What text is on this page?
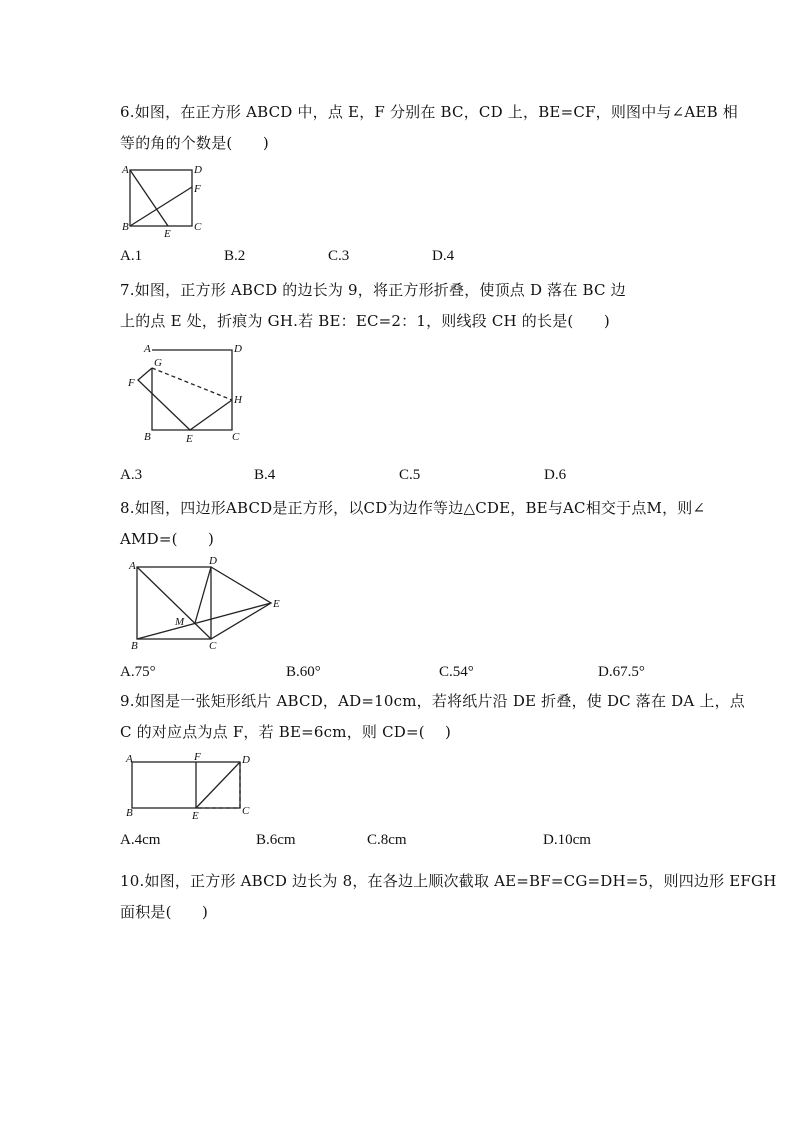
6.如图，在正方形 ABCD 中，点 E，F 分别在 BC，CD 上，BE=CF，则图中与∠AEB 相
等的角的个数是(　　)
A	D
F
B	C
E
A.1	B.2	C.3	D.4
7.如图，正方形 ABCD 的边长为 9，将正方形折叠，使顶点 D 落在 BC 边
上的点 E 处，折痕为 GH.若 BE：EC=2：1，则线段 CH 的长是(　　)
A	D
G
F
H
B	E	C
A.3	B.4	C.5	D.6
8.如图，四边形ABCD是正方形，以CD为边作等边△CDE，BE与AC相交于点M，则∠
AMD=(　　)
A	D
E
M
B	C
A.75°	B.60°	C.54°	D.67.5°
9.如图是一张矩形纸片 ABCD，AD=10cm，若将纸片沿 DE 折叠，使 DC 落在 DA 上，点
C 的对应点为点 F，若 BE=6cm，则 CD=(　 )
A	F	D
B	E	C
A.4cm	B.6cm	C.8cm	D.10cm
10.如图，正方形 ABCD 边长为 8，在各边上顺次截取 AE=BF=CG=DH=5，则四边形 EFGH
面积是(　　)
